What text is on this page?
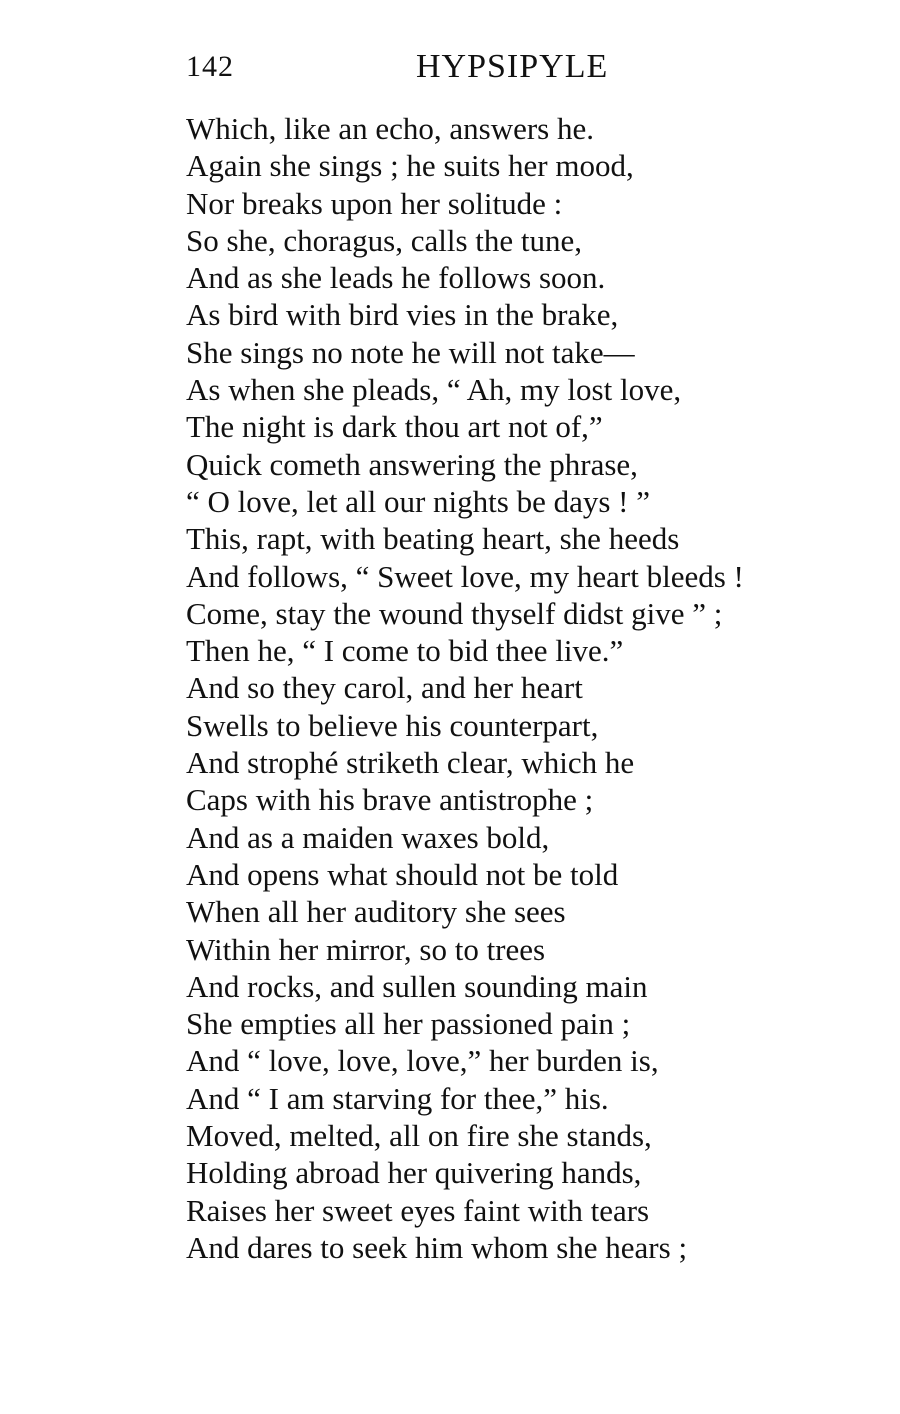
142	HYPSIPYLE
Which, like an echo, answers he.
Again she sings ; he suits her mood,
Nor breaks upon her solitude :
So she, choragus, calls the tune,
And as she leads he follows soon.
As bird with bird vies in the brake,
She sings no note he will not take—
As when she pleads, “ Ah, my lost love,
The night is dark thou art not of,”
Quick cometh answering the phrase,
“ O love, let all our nights be days ! ”
This, rapt, with beating heart, she heeds
And follows, “ Sweet love, my heart bleeds !
Come, stay the wound thyself didst give ” ;
Then he, “ I come to bid thee live.”
And so they carol, and her heart
Swells to believe his counterpart,
And strophé striketh clear, which he
Caps with his brave antistrophe ;
And as a maiden waxes bold,
And opens what should not be told
When all her auditory she sees
Within her mirror, so to trees
And rocks, and sullen sounding main
She empties all her passioned pain ;
And “ love, love, love,” her burden is,
And “ I am starving for thee,” his.
Moved, melted, all on fire she stands,
Holding abroad her quivering hands,
Raises her sweet eyes faint with tears
And dares to seek him whom she hears ;
